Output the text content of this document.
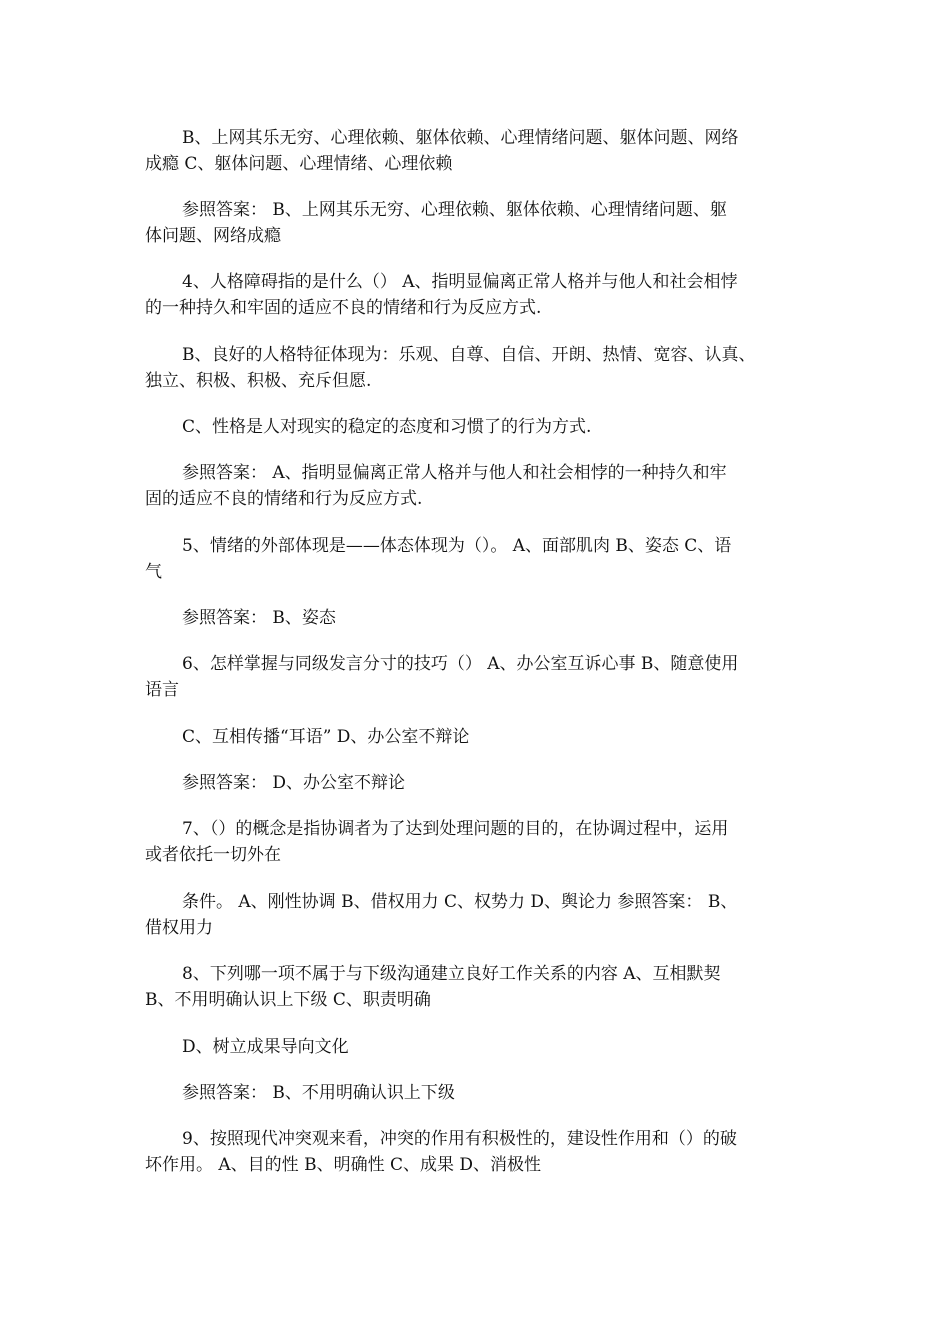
B、上网其乐无穷、心理依赖、躯体依赖、心理情绪问题、躯体问题、网络
成瘾 C、躯体问题、心理情绪、心理依赖
参照答案： B、上网其乐无穷、心理依赖、躯体依赖、心理情绪问题、躯
体问题、网络成瘾
4、人格障碍指的是什么（） A、指明显偏离正常人格并与他人和社会相悖
的一种持久和牢固的适应不良的情绪和行为反应方式.
B、良好的人格特征体现为：乐观、自尊、自信、开朗、热情、宽容、认真、
独立、积极、积极、充斥但愿.
C、性格是人对现实的稳定的态度和习惯了的行为方式.
参照答案： A、指明显偏离正常人格并与他人和社会相悖的一种持久和牢
固的适应不良的情绪和行为反应方式.
5、情绪的外部体现是——体态体现为（）。 A、面部肌肉 B、姿态 C、语
气
参照答案： B、姿态
6、怎样掌握与同级发言分寸的技巧（） A、办公室互诉心事 B、随意使用
语言
C、互相传播“耳语” D、办公室不辩论
参照答案： D、办公室不辩论
7、（）的概念是指协调者为了达到处理问题的目的，在协调过程中，运用
或者依托一切外在
条件。 A、刚性协调 B、借权用力 C、权势力 D、舆论力 参照答案： B、
借权用力
8、下列哪一项不属于与下级沟通建立良好工作关系的内容 A、互相默契
B、不用明确认识上下级 C、职责明确
D、树立成果导向文化
参照答案： B、不用明确认识上下级
9、按照现代冲突观来看，冲突的作用有积极性的，建设性作用和（）的破
坏作用。 A、目的性 B、明确性 C、成果 D、消极性
